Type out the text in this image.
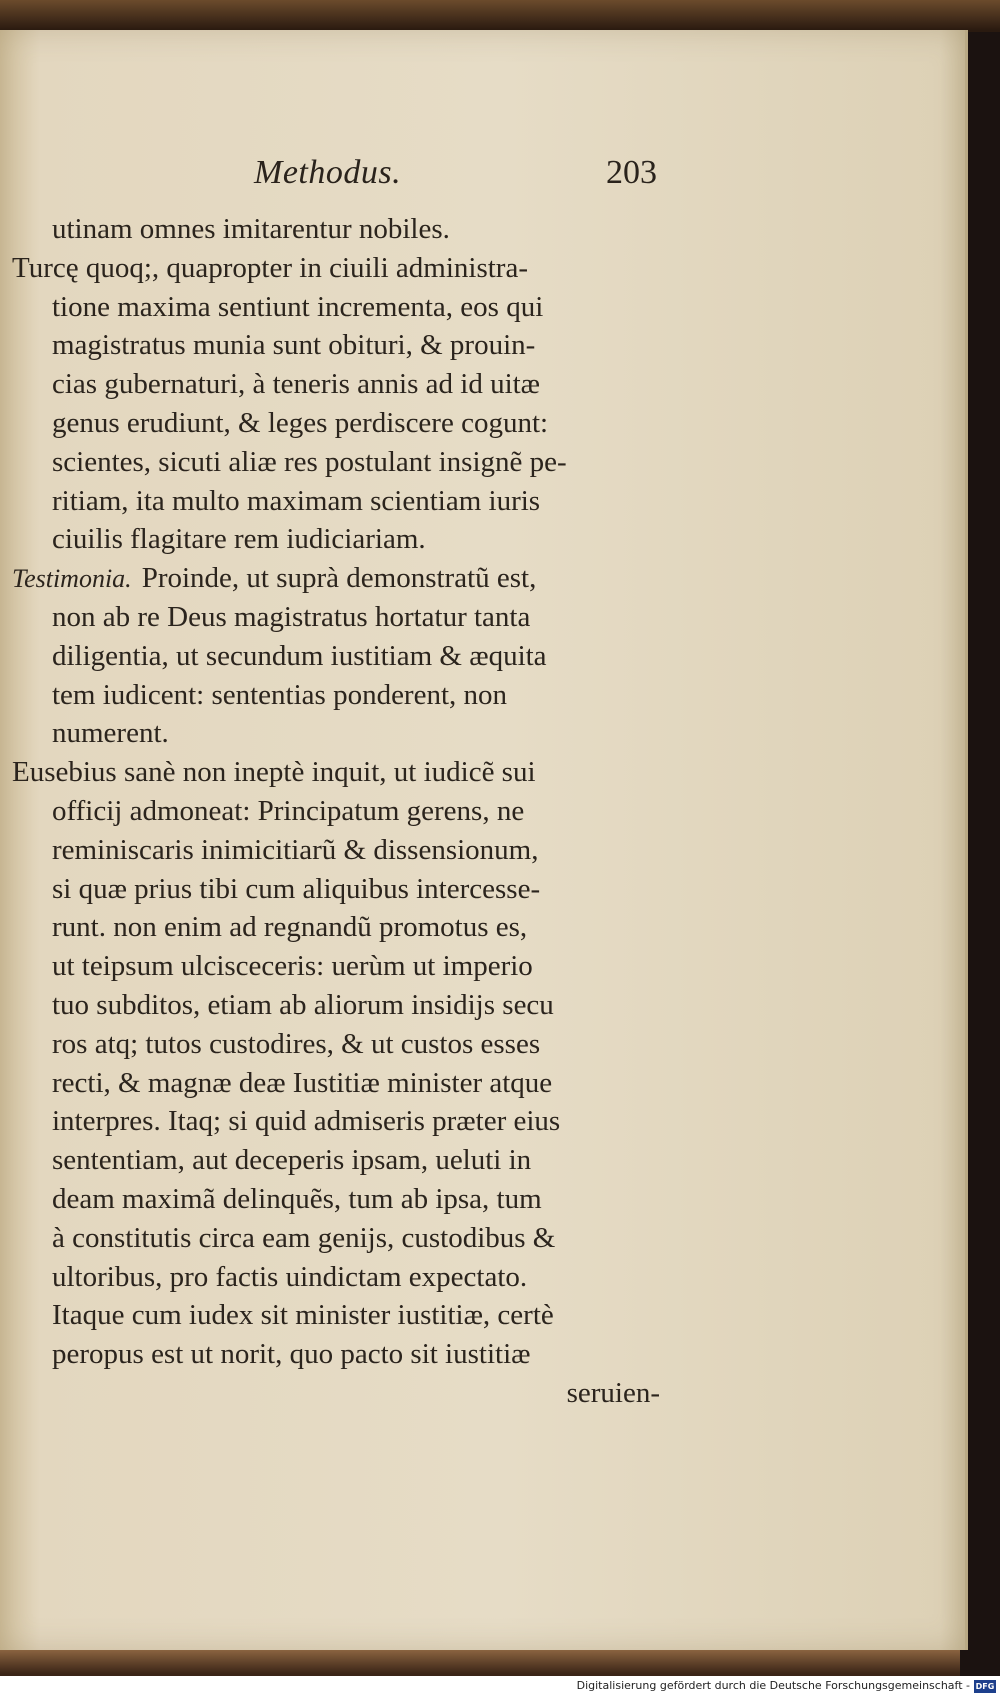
Methodus.	203
utinam omnes imitarentur nobiles.
Turcę quoq;, quapropter in ciuili administra-
tione maxima sentiunt incrementa, eos qui
magistratus munia sunt obituri, & prouin-
cias gubernaturi, à teneris annis ad id uitæ
genus erudiunt, & leges perdiscere cogunt:
scientes, sicuti aliæ res postulant insignẽ pe-
ritiam, ita multo maximam scientiam iuris
ciuilis flagitare rem iudiciariam.
Testimonia. Proinde, ut suprà demonstratũ est,
non ab re Deus magistratus hortatur tanta
diligentia, ut secundum iustitiam & æquita
tem iudicent: sententias ponderent, non
numerent.
Eusebius sanè non ineptè inquit, ut iudicẽ sui
officij admoneat: Principatum gerens, ne
reminiscaris inimicitiarũ & dissensionum,
si quæ prius tibi cum aliquibus intercesse-
runt. non enim ad regnandũ promotus es,
ut teipsum ulcisceceris: uerùm ut imperio
tuo subditos, etiam ab aliorum insidijs secu
ros atq; tutos custodires, & ut custos esses
recti, & magnæ deæ Iustitiæ minister atque
interpres. Itaq; si quid admiseris præter eius
sententiam, aut deceperis ipsam, ueluti in
deam maximã delinquẽs, tum ab ipsa, tum
à constitutis circa eam genijs, custodibus &
ultoribus, pro factis uindictam expectato.
Itaque cum iudex sit minister iustitiæ, certè
peropus est ut norit, quo pacto sit iustitiæ
seruien-
Digitalisierung gefördert durch die Deutsche Forschungsgemeinschaft - DFG
